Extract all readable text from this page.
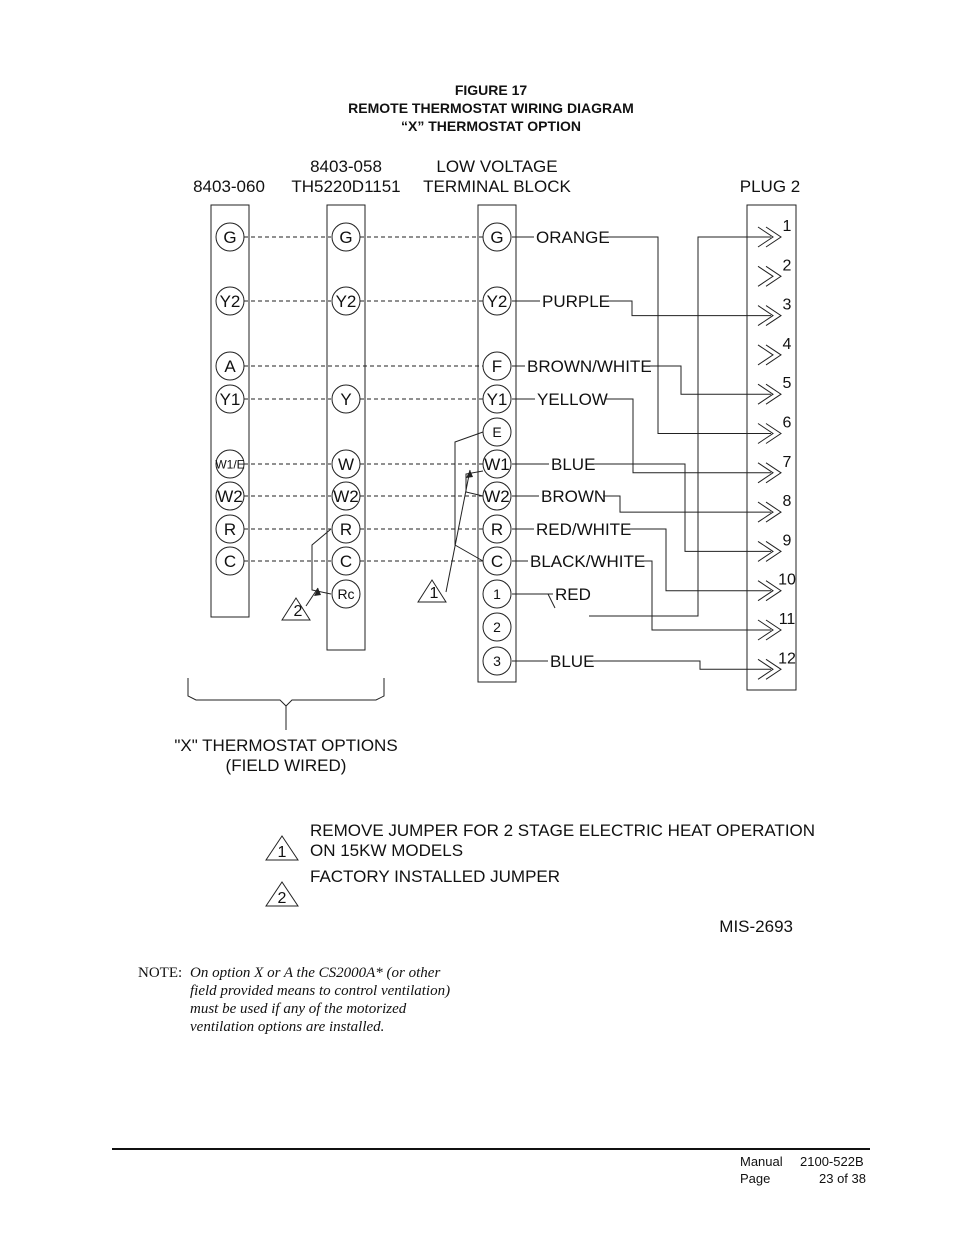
FIGURE 17
REMOTE THERMOSTAT WIRING DIAGRAM
“X” THERMOSTAT OPTION
8403-060
G
Y2
A
Y1
W1/E
W2
R
C
8403-058
TH5220D1151
G
Y2
Y
W
W2
R
C
Rc
LOW VOLTAGE
TERMINAL BLOCK
G
Y2
F
Y1
E
W1
W2
R
C
1
2
3
PLUG 2
1
2
3
4
5
6
7
8
9
10
11
12
ORANGE
PURPLE
BROWN/WHITE
YELLOW
BLUE
BROWN
RED/WHITE
BLACK/WHITE
RED
BLUE
2
1
"X" THERMOSTAT OPTIONS
(FIELD WIRED)
1
REMOVE JUMPER FOR 2 STAGE ELECTRIC HEAT OPERATION
ON 15KW MODELS
2
FACTORY INSTALLED JUMPER
MIS-2693
NOTE: On option X or A the CS2000A* (or other
field provided means to control ventilation)
must be used if any of the motorized
ventilation options are installed.
Manual 2100-522B
Page	23 of 38
